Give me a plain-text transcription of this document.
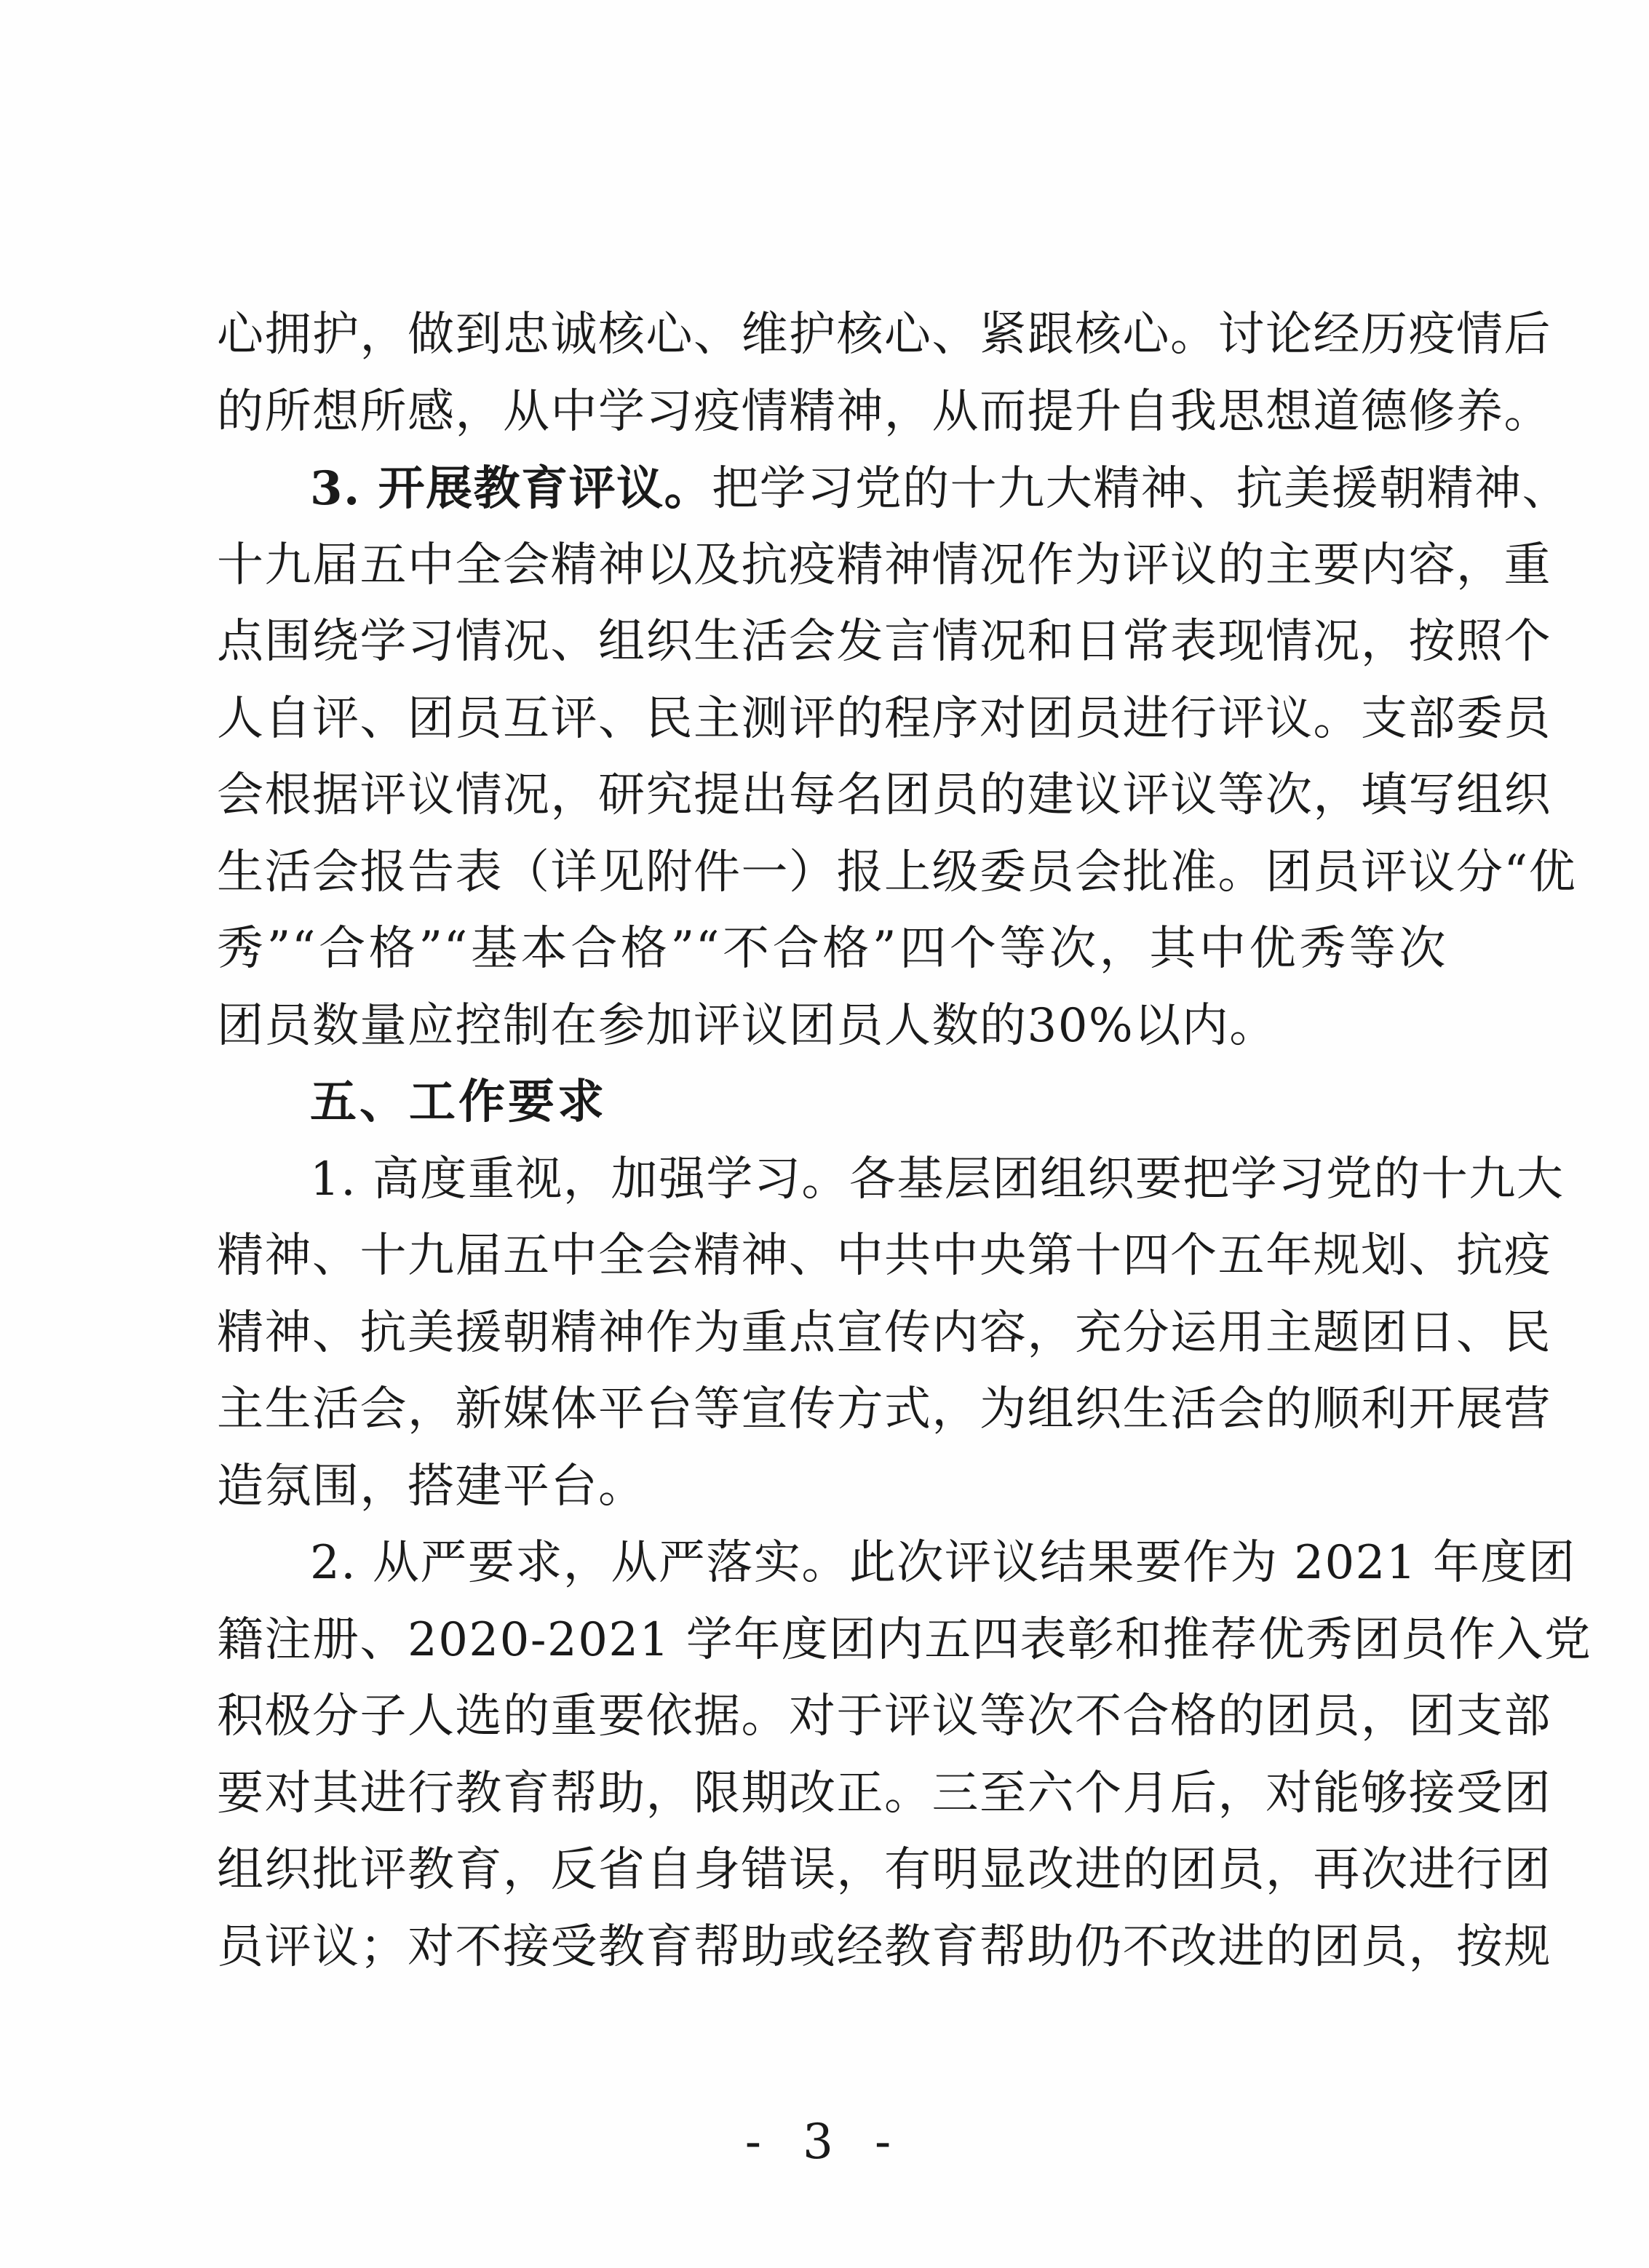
心拥护，做到忠诚核心、维护核心、紧跟核心。讨论经历疫情后
的所想所感，从中学习疫情精神，从而提升自我思想道德修养。
3. 开展教育评议。把学习党的十九大精神、抗美援朝精神、
十九届五中全会精神以及抗疫精神情况作为评议的主要内容，重
点围绕学习情况、组织生活会发言情况和日常表现情况，按照个
人自评、团员互评、民主测评的程序对团员进行评议。支部委员
会根据评议情况，研究提出每名团员的建议评议等次，填写组织
生活会报告表（详见附件一）报上级委员会批准。团员评议分“优
秀”“合格”“基本合格”“不合格”四个等次，其中优秀等次
团员数量应控制在参加评议团员人数的30%以内。
五、工作要求
1. 高度重视，加强学习。各基层团组织要把学习党的十九大
精神、十九届五中全会精神、中共中央第十四个五年规划、抗疫
精神、抗美援朝精神作为重点宣传内容，充分运用主题团日、民
主生活会，新媒体平台等宣传方式，为组织生活会的顺利开展营
造氛围，搭建平台。
2. 从严要求，从严落实。此次评议结果要作为 2021 年度团
籍注册、2020-2021 学年度团内五四表彰和推荐优秀团员作入党
积极分子人选的重要依据。对于评议等次不合格的团员，团支部
要对其进行教育帮助，限期改正。三至六个月后，对能够接受团
组织批评教育，反省自身错误，有明显改进的团员，再次进行团
员评议；对不接受教育帮助或经教育帮助仍不改进的团员，按规
- 3 -
